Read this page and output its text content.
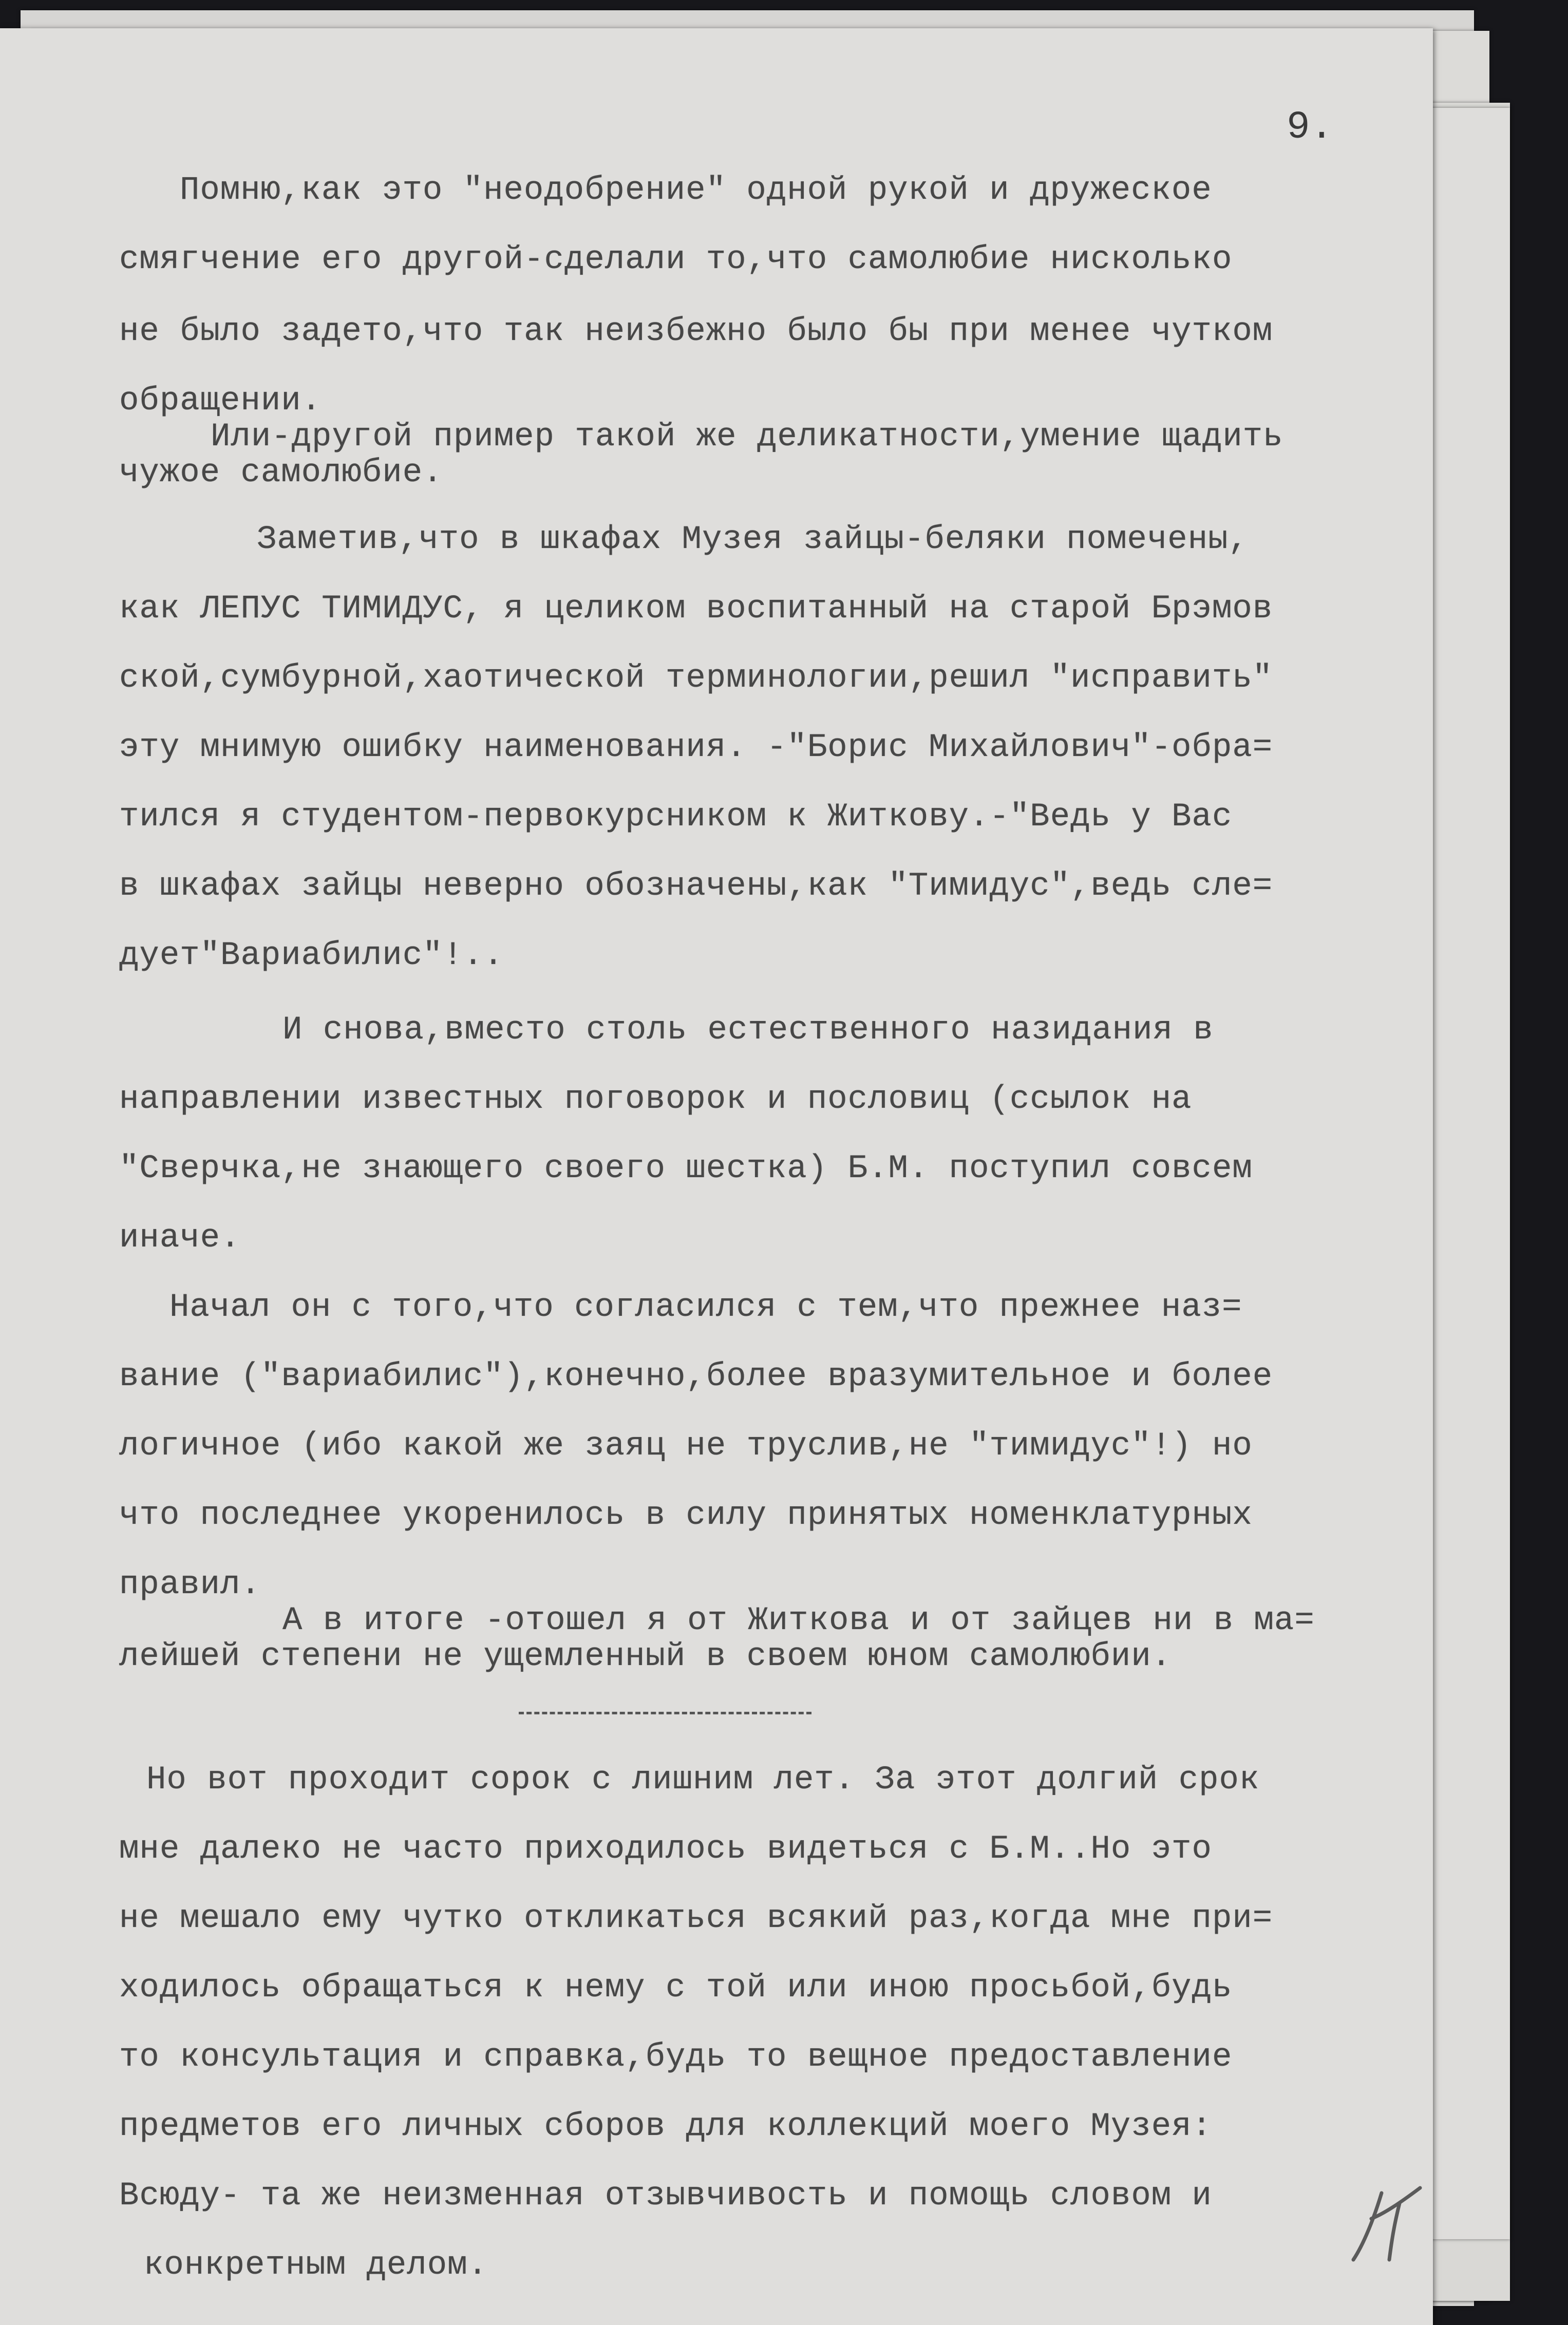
9.
Помню,как это "неодобрение" одной рукой и дружеское
смягчение его другой-сделали то,что самолюбие нисколько
не было задето,что так неизбежно было бы при менее чутком
обращении.
Или-другой пример такой же деликатности,умение щадить
чужое самолюбие.
Заметив,что в шкафах Музея зайцы-беляки помечены,
как ЛЕПУС ТИМИДУС, я целиком воспитанный на старой Брэмов
ской,сумбурной,хаотической терминологии,решил "исправить"
эту мнимую ошибку наименования. -"Борис Михайлович"-обра=
тился я студентом-первокурсником к Житкову.-"Ведь у Вас
в шкафах зайцы неверно обозначены,как "Тимидус",ведь сле=
дует"Вариабилис"!..
И снова,вместо столь естественного назидания в
направлении известных поговорок и пословиц (ссылок на
"Сверчка,не знающего своего шестка) Б.М. поступил совсем
иначе.
Начал он с того,что согласился с тем,что прежнее наз=
вание ("вариабилис"),конечно,более вразумительное и более
логичное (ибо какой же заяц не труслив,не "тимидус"!) но
что последнее укоренилось в силу принятых номенклатурных
правил.
А в итоге -отошел я от Житкова и от зайцев ни в ма=
лейшей степени не ущемленный в своем юном самолюбии.
Но вот проходит сорок с лишним лет. За этот долгий срок
мне далеко не часто приходилось видеться с Б.М..Но это
не мешало ему чутко откликаться всякий раз,когда мне при=
ходилось обращаться к нему с той или иною просьбой,будь
то консультация и справка,будь то вещное предоставление
предметов его личных сборов для коллекций моего Музея:
Всюду- та же неизменная отзывчивость и помощь словом и
конкретным делом.
